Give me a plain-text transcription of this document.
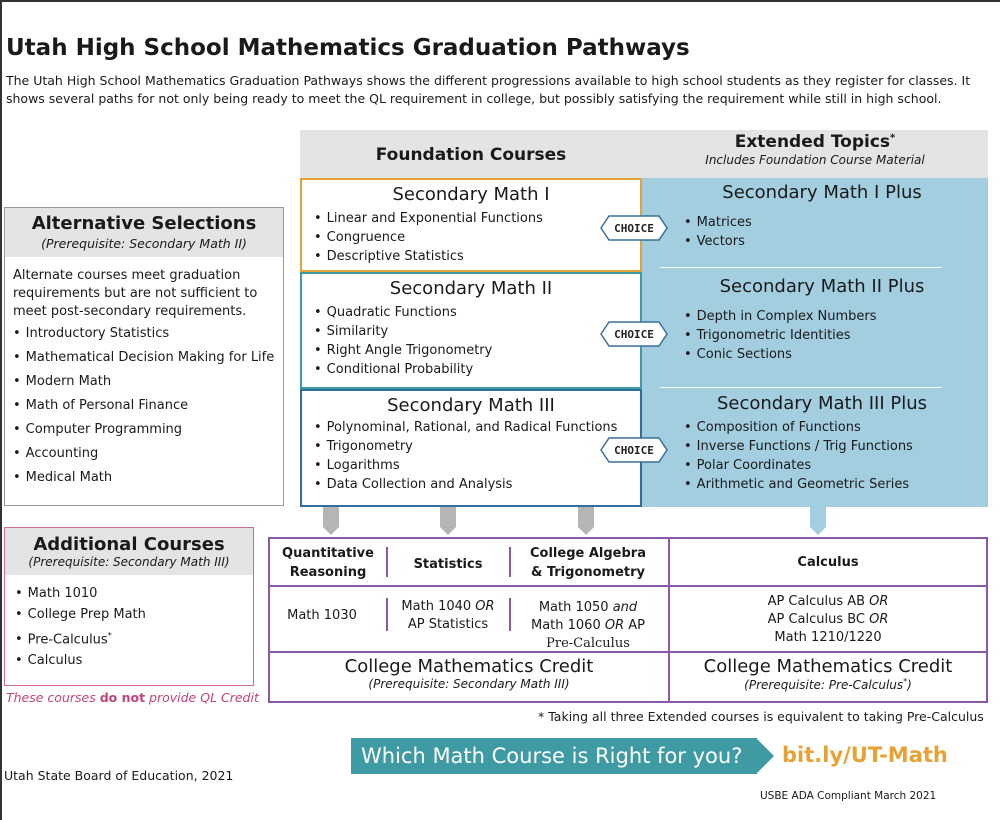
Utah High School Mathematics Graduation Pathways
The Utah High School Mathematics Graduation Pathways shows the different progressions available to high school students as they register for classes. It
shows several paths for not only being ready to meet the QL requirement in college, but possibly satisfying the requirement while still in high school.
Foundation Courses
Extended Topics*
Includes Foundation Course Material
Secondary Math I
• Linear and Exponential Functions
• Congruence
• Descriptive Statistics
Secondary Math II
• Quadratic Functions
• Similarity
• Right Angle Trigonometry
• Conditional Probability
Secondary Math III
• Polynominal, Rational, and Radical Functions
• Trigonometry
• Logarithms
• Data Collection and Analysis
Secondary Math I Plus
• Matrices
• Vectors
Secondary Math II Plus
• Depth in Complex Numbers
• Trigonometric Identities
• Conic Sections
Secondary Math III Plus
• Composition of Functions
• Inverse Functions / Trig Functions
• Polar Coordinates
• Arithmetic and Geometric Series
CHOICE
CHOICE
CHOICE
Alternative Selections
(Prerequisite: Secondary Math II)
Alternate courses meet graduation requirements but are not sufficient to meet post-secondary requirements.
• Introductory Statistics
• Mathematical Decision Making for Life
• Modern Math
• Math of Personal Finance
• Computer Programming
• Accounting
• Medical Math
Additional Courses
(Prerequisite: Secondary Math III)
• Math 1010
• College Prep Math
• Pre-Calculus*
• Calculus
These courses do not provide QL Credit
Quantitative
Reasoning
Statistics
College Algebra
& Trigonometry
Calculus
Math 1030
Math 1040 OR
AP Statistics
Math 1050 and
Math 1060 OR AP
Pre-Calculus
AP Calculus AB OR
AP Calculus BC OR
Math 1210/1220
College Mathematics Credit
(Prerequisite: Secondary Math III)
College Mathematics Credit
(Prerequisite: Pre-Calculus*)
* Taking all three Extended courses is equivalent to taking Pre-Calculus
Which Math Course is Right for you?	bit.ly/UT-Math
Utah State Board of Education, 2021
USBE ADA Compliant March 2021
